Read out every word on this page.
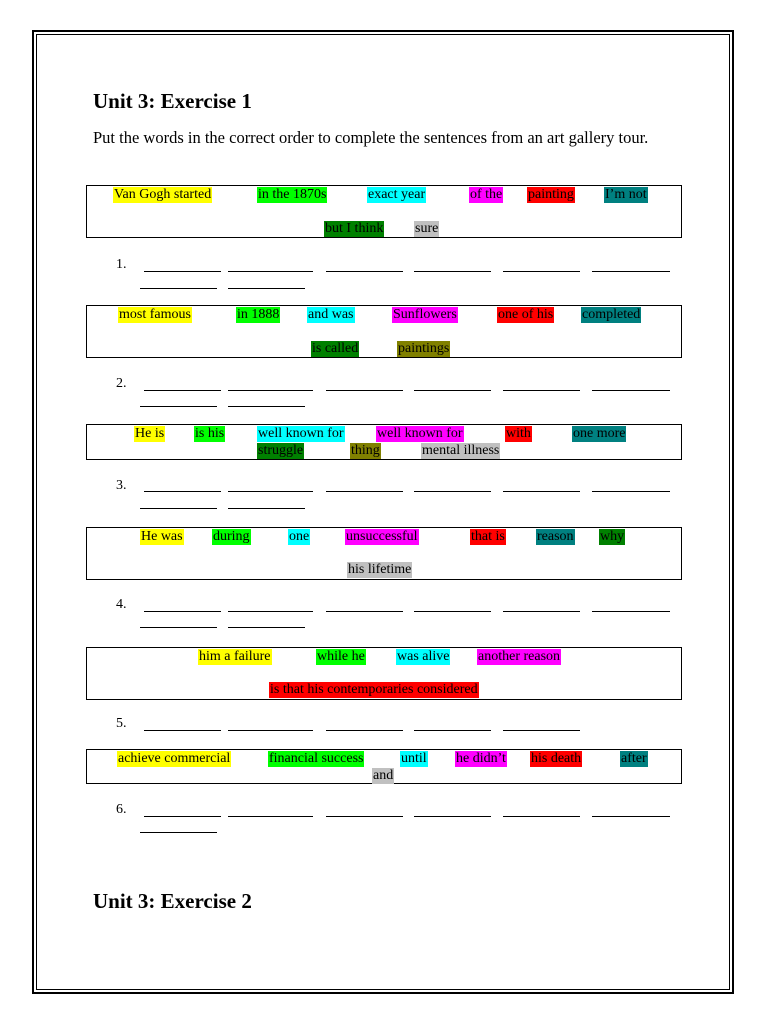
Unit 3: Exercise 1

Put the words in the correct order to complete the sentences from an art gallery tour.

Van Gogh started	in the 1870s	exact year	of the painting I’m not
but I think sure
1.
most famous	in 1888 and was	Sunflowers	one of his completed
is called	paintings
2.
He is is his well known for well known for	with	one more
struggle	thing	mental illness
3.
He was during	one	unsuccessful	that is reason why
his lifetime
4.
him a failure	while he was alive another reason
is that his contemporaries considered
5.
achieve commercial	financial success	until he didn’t his death	after
and
6.
Unit 3: Exercise 2
